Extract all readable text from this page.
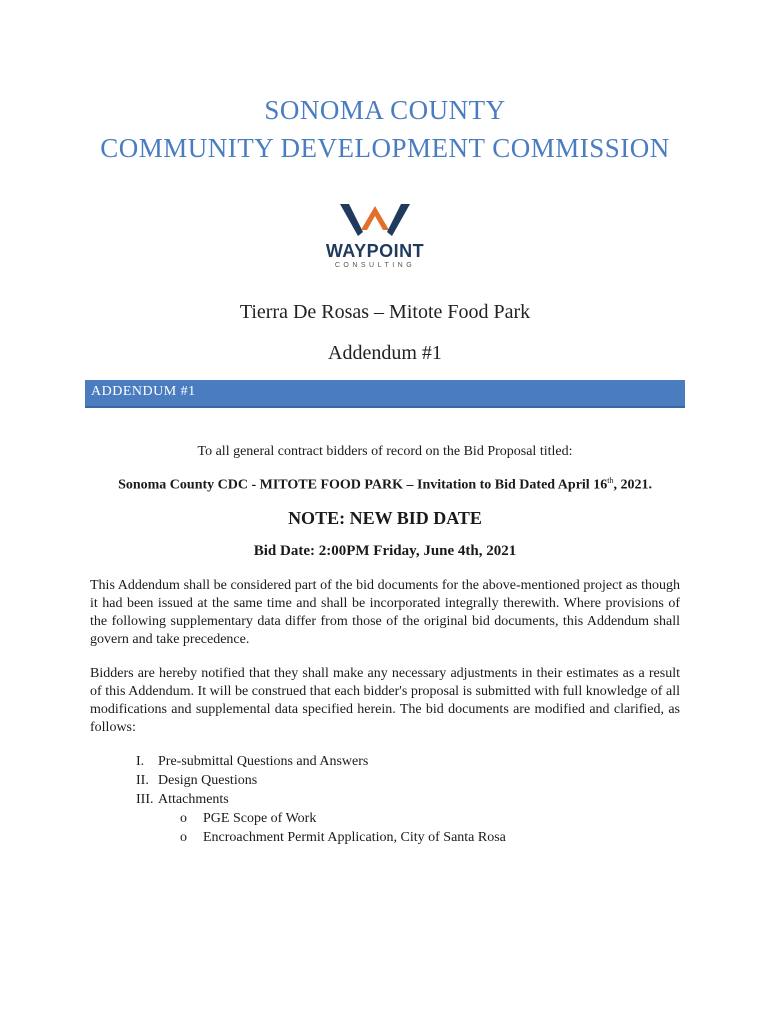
SONOMA COUNTY
COMMUNITY DEVELOPMENT COMMISSION
WAYPOINT
CONSULTING
Tierra De Rosas – Mitote Food Park
Addendum #1
ADDENDUM #1
To all general contract bidders of record on the Bid Proposal titled:
Sonoma County CDC - MITOTE FOOD PARK – Invitation to Bid Dated April 16th, 2021.
NOTE: NEW BID DATE
Bid Date: 2:00PM Friday, June 4th, 2021
This Addendum shall be considered part of the bid documents for the above-mentioned project as though it had been issued at the same time and shall be incorporated integrally therewith. Where provisions of the following supplementary data differ from those of the original bid documents, this Addendum shall govern and take precedence.
Bidders are hereby notified that they shall make any necessary adjustments in their estimates as a result of this Addendum. It will be construed that each bidder's proposal is submitted with full knowledge of all modifications and supplemental data specified herein. The bid documents are modified and clarified, as follows:
I. Pre-submittal Questions and Answers
II. Design Questions
III. Attachments
o PGE Scope of Work
o Encroachment Permit Application, City of Santa Rosa
